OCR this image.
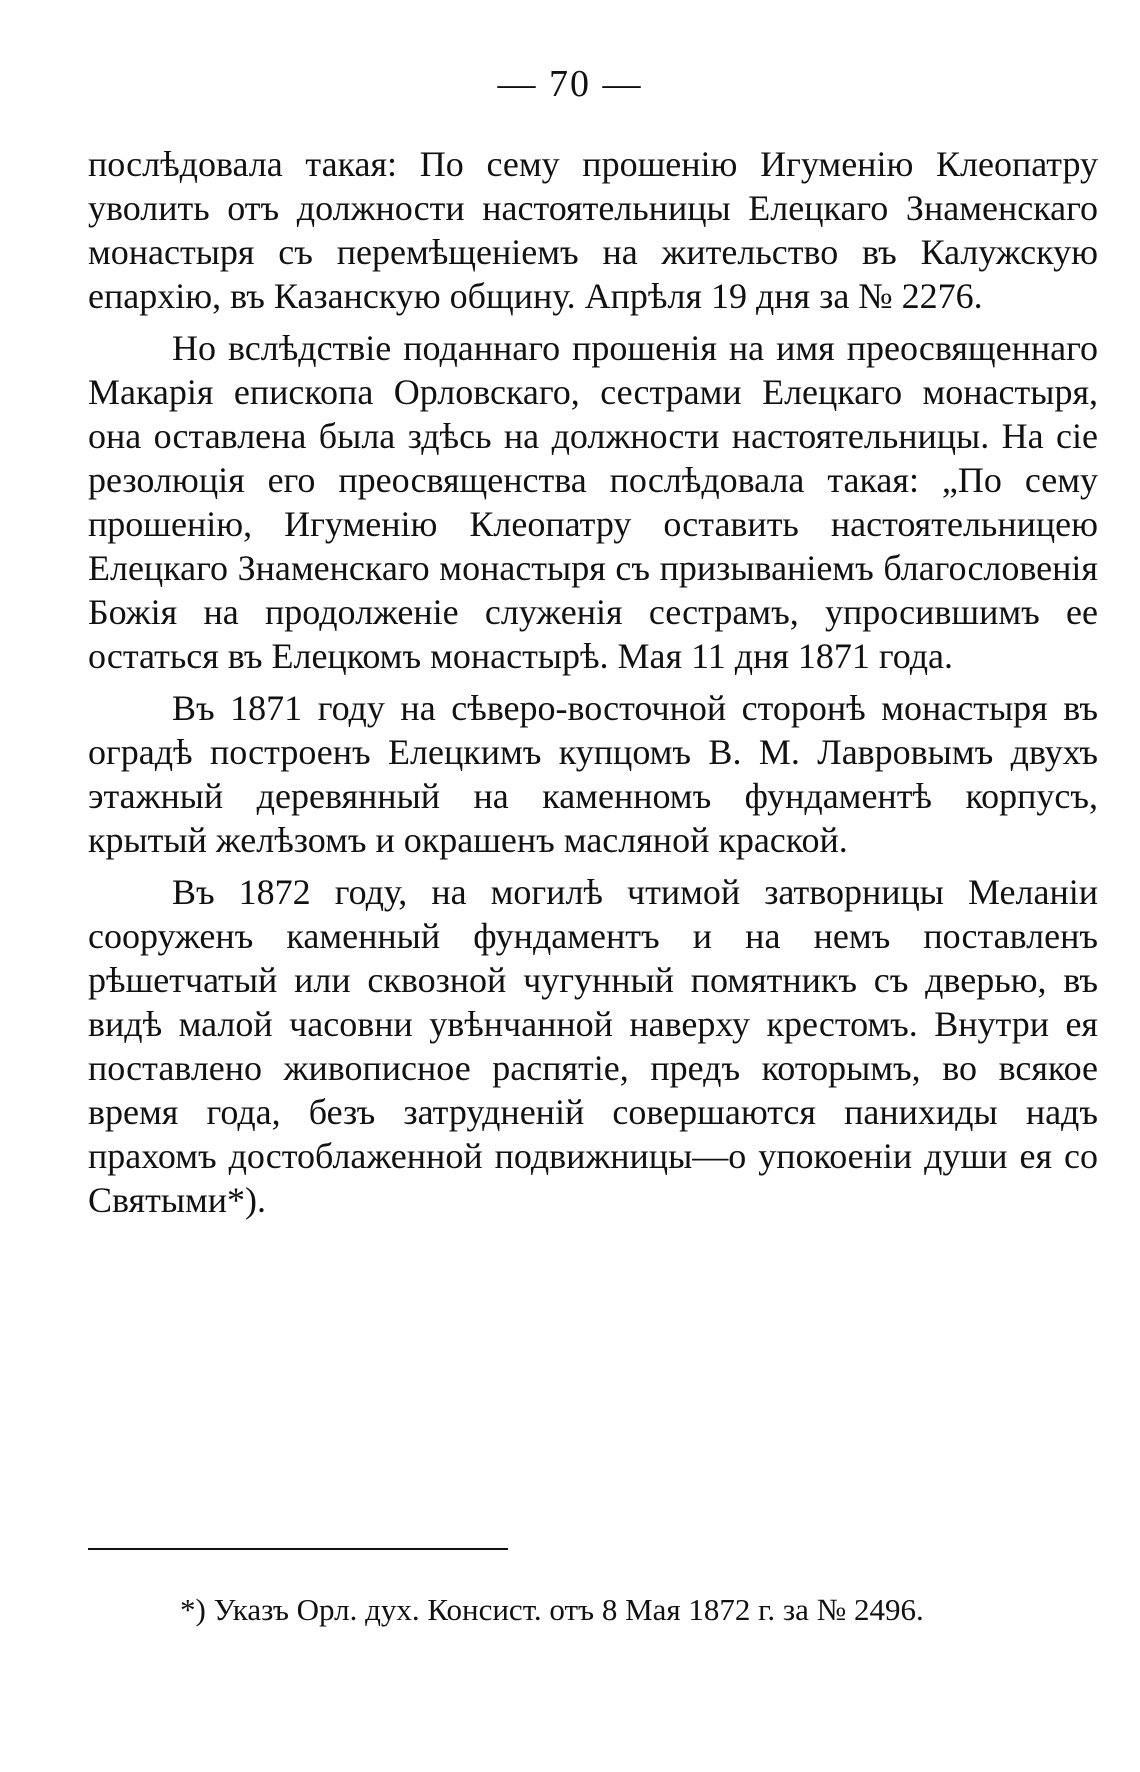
— 70 —

послѣдовала такая: По сему прошенію Игуменію Клеопатру уволить отъ должности настоятельницы Елецкаго Знаменскаго монастыря съ перемѣщеніемъ на жительство въ Калужскую епархію, въ Казанскую общину. Апрѣля 19 дня за № 2276.

Но вслѣдствіе поданнаго прошенія на имя преосвященнаго Макарія епископа Орловскаго, сестрами Елецкаго монастыря, она оставлена была здѣсь на должности настоятельницы. На сіе резолюція его преосвященства послѣдовала такая: „По сему прошенію, Игуменію Клеопатру оставить настоятельницею Елецкаго Знаменскаго монастыря съ призываніемъ благословенія Божія на продолженіе служенія сестрамъ, упросившимъ ее остаться въ Елецкомъ монастырѣ. Мая 11 дня 1871 года.

Въ 1871 году на сѣверо-восточной сторонѣ монастыря въ оградѣ построенъ Елецкимъ купцомъ В. М. Лавровымъ двухъ этажный деревянный на каменномъ фундаментѣ корпусъ, крытый желѣзомъ и окрашенъ масляной краской.

Въ 1872 году, на могилѣ чтимой затворницы Меланіи сооруженъ каменный фундаментъ и на немъ поставленъ рѣшетчатый или сквозной чугунный помятникъ съ дверью, въ видѣ малой часовни увѣнчанной наверху крестомъ. Внутри ея поставлено живописное распятіе, предъ которымъ, во всякое время года, безъ затрудненій совершаются панихиды надъ прахомъ достоблаженной подвижницы—о упокоеніи души ея со Святыми*).

*) Указъ Орл. дух. Консист. отъ 8 Мая 1872 г. за № 2496.
